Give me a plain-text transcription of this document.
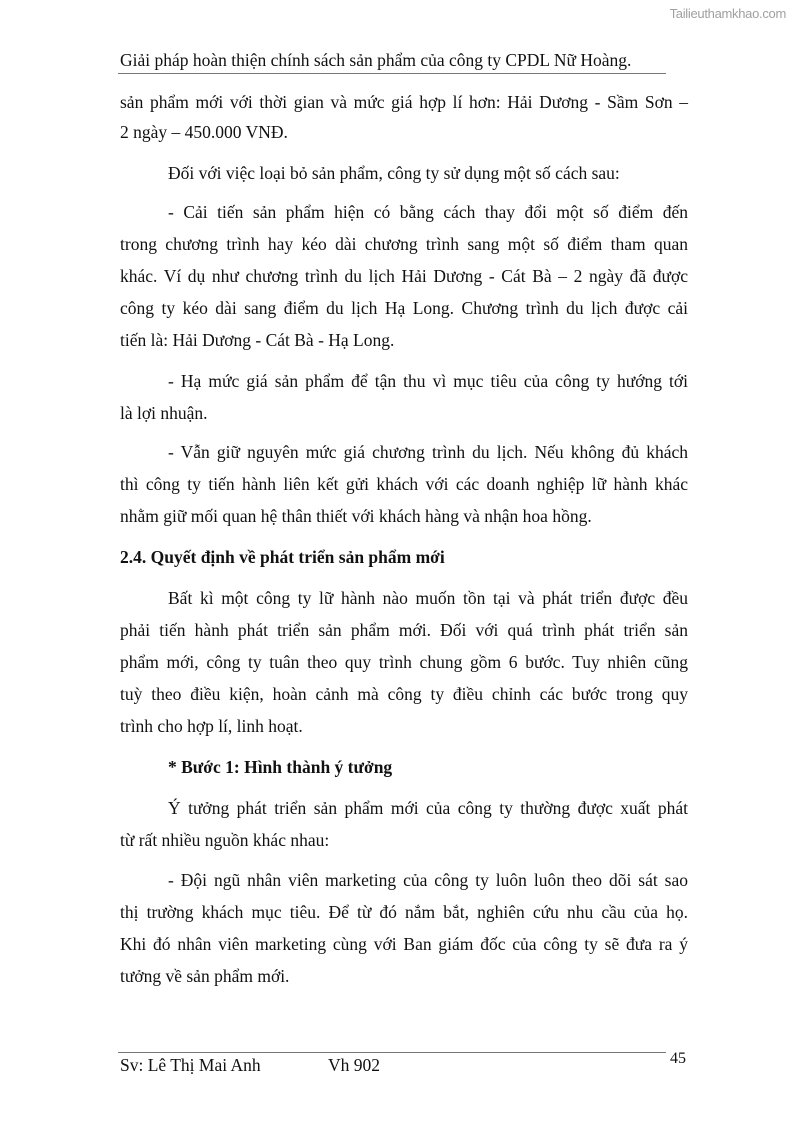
Tailieuthamkhao.com
Giải pháp hoàn thiện chính sách sản phẩm của công ty CPDL Nữ Hoàng.
sản phẩm mới với thời gian và mức giá hợp lí hơn: Hải Dương - Sầm Sơn –
2 ngày – 450.000 VNĐ.
Đối với việc loại bỏ sản phẩm, công ty sử dụng một số cách sau:
- Cải tiến sản phẩm hiện có bằng cách thay đổi một số điểm đến
trong chương trình hay kéo dài chương trình sang một số điểm tham quan
khác. Ví dụ như chương trình du lịch Hải Dương - Cát Bà – 2 ngày đã được
công ty kéo dài sang điểm du lịch Hạ Long. Chương trình du lịch được cải
tiến là: Hải Dương - Cát Bà - Hạ Long.
- Hạ mức giá sản phẩm để tận thu vì mục tiêu của công ty hướng tới
là lợi nhuận.
- Vẫn giữ nguyên mức giá chương trình du lịch. Nếu không đủ khách
thì công ty tiến hành liên kết gửi khách với các doanh nghiệp lữ hành khác
nhằm giữ mối quan hệ thân thiết với khách hàng và nhận hoa hồng.
2.4. Quyết định về phát triển sản phẩm mới
Bất kì một công ty lữ hành nào muốn tồn tại và phát triển được đều
phải tiến hành phát triển sản phẩm mới. Đối với quá trình phát triển sản
phẩm mới, công ty tuân theo quy trình chung gồm 6 bước. Tuy nhiên cũng
tuỳ theo điều kiện, hoàn cảnh mà công ty điều chỉnh các bước trong quy
trình cho hợp lí, linh hoạt.
* Bước 1: Hình thành ý tưởng
Ý tưởng phát triển sản phẩm mới của công ty thường được xuất phát
từ rất nhiều nguồn khác nhau:
- Đội ngũ nhân viên marketing của công ty luôn luôn theo dõi sát sao
thị trường khách mục tiêu. Để từ đó nắm bắt, nghiên cứu nhu cầu của họ.
Khi đó nhân viên marketing cùng với Ban giám đốc của công ty sẽ đưa ra ý
tưởng về sản phẩm mới.
Sv: Lê Thị Mai Anh	Vh 902	45
